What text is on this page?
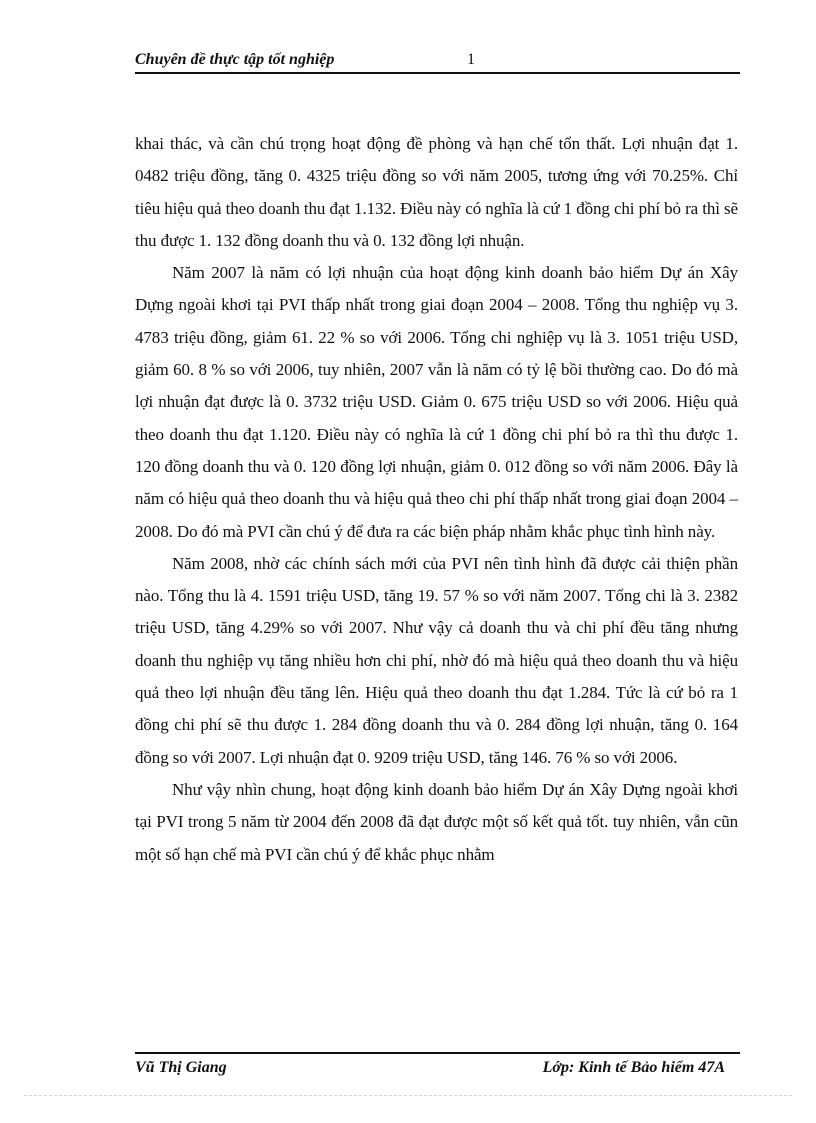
Chuyên đề thực tập tốt nghiệp	1

khai thác, và cần chú trọng hoạt động đề phòng và hạn chế tổn thất. Lợi nhuận đạt 1. 0482 triệu đồng, tăng 0. 4325 triệu đồng so với năm 2005, tương ứng với 70.25%. Chỉ tiêu hiệu quả theo doanh thu đạt 1.132. Điều này có nghĩa là cứ 1 đồng chi phí bỏ ra thì sẽ thu được 1. 132 đồng doanh thu và 0. 132 đồng lợi nhuận.

Năm 2007 là năm có lợi nhuận của hoạt động kinh doanh bảo hiểm Dự án Xây Dựng ngoài khơi tại PVI thấp nhất trong giai đoạn 2004 – 2008. Tổng thu nghiệp vụ 3. 4783 triệu đồng, giảm 61. 22 % so với 2006. Tổng chi nghiệp vụ là 3. 1051 triệu USD, giảm 60. 8 % so với 2006, tuy nhiên, 2007 vẫn là năm có tỷ lệ bồi thường cao. Do đó mà lợi nhuận đạt được là 0. 3732 triệu USD. Giảm 0. 675 triệu USD so với 2006. Hiệu quả theo doanh thu đạt 1.120. Điều này có nghĩa là cứ 1 đồng chi phí bỏ ra thì thu được 1. 120 đồng doanh thu và 0. 120 đồng lợi nhuận, giảm 0. 012 đồng so với năm 2006. Đây là năm có hiệu quả theo doanh thu và hiệu quả theo chi phí thấp nhất trong giai đoạn 2004 – 2008. Do đó mà PVI cần chú ý để đưa ra các biện pháp nhằm khắc phục tình hình này.

Năm 2008, nhờ các chính sách mới của PVI nên tình hình đã được cải thiện phần nào. Tổng thu là 4. 1591 triệu USD, tăng 19. 57 % so với năm 2007. Tổng chi là 3. 2382 triệu USD, tăng 4.29% so với 2007. Như vậy cả doanh thu và chi phí đều tăng nhưng doanh thu nghiệp vụ tăng nhiều hơn chi phí, nhờ đó mà hiệu quả theo doanh thu và hiệu quả theo lợi nhuận đều tăng lên. Hiệu quả theo doanh thu đạt 1.284. Tức là cứ bỏ ra 1 đồng chi phí sẽ thu được 1. 284 đồng doanh thu và 0. 284 đồng lợi nhuận, tăng 0. 164 đồng so với 2007. Lợi nhuận đạt 0. 9209 triệu USD, tăng 146. 76 % so với 2006.

Như vậy nhìn chung, hoạt động kinh doanh bảo hiểm Dự án Xây Dựng ngoài khơi tại PVI trong 5 năm từ 2004 đến 2008 đã đạt được một số kết quả tốt. tuy nhiên, vẫn cũn một số hạn chế mà PVI cần chú ý để khắc phục nhằm

Vũ Thị Giang	Lớp: Kinh tế Bảo hiểm 47A
